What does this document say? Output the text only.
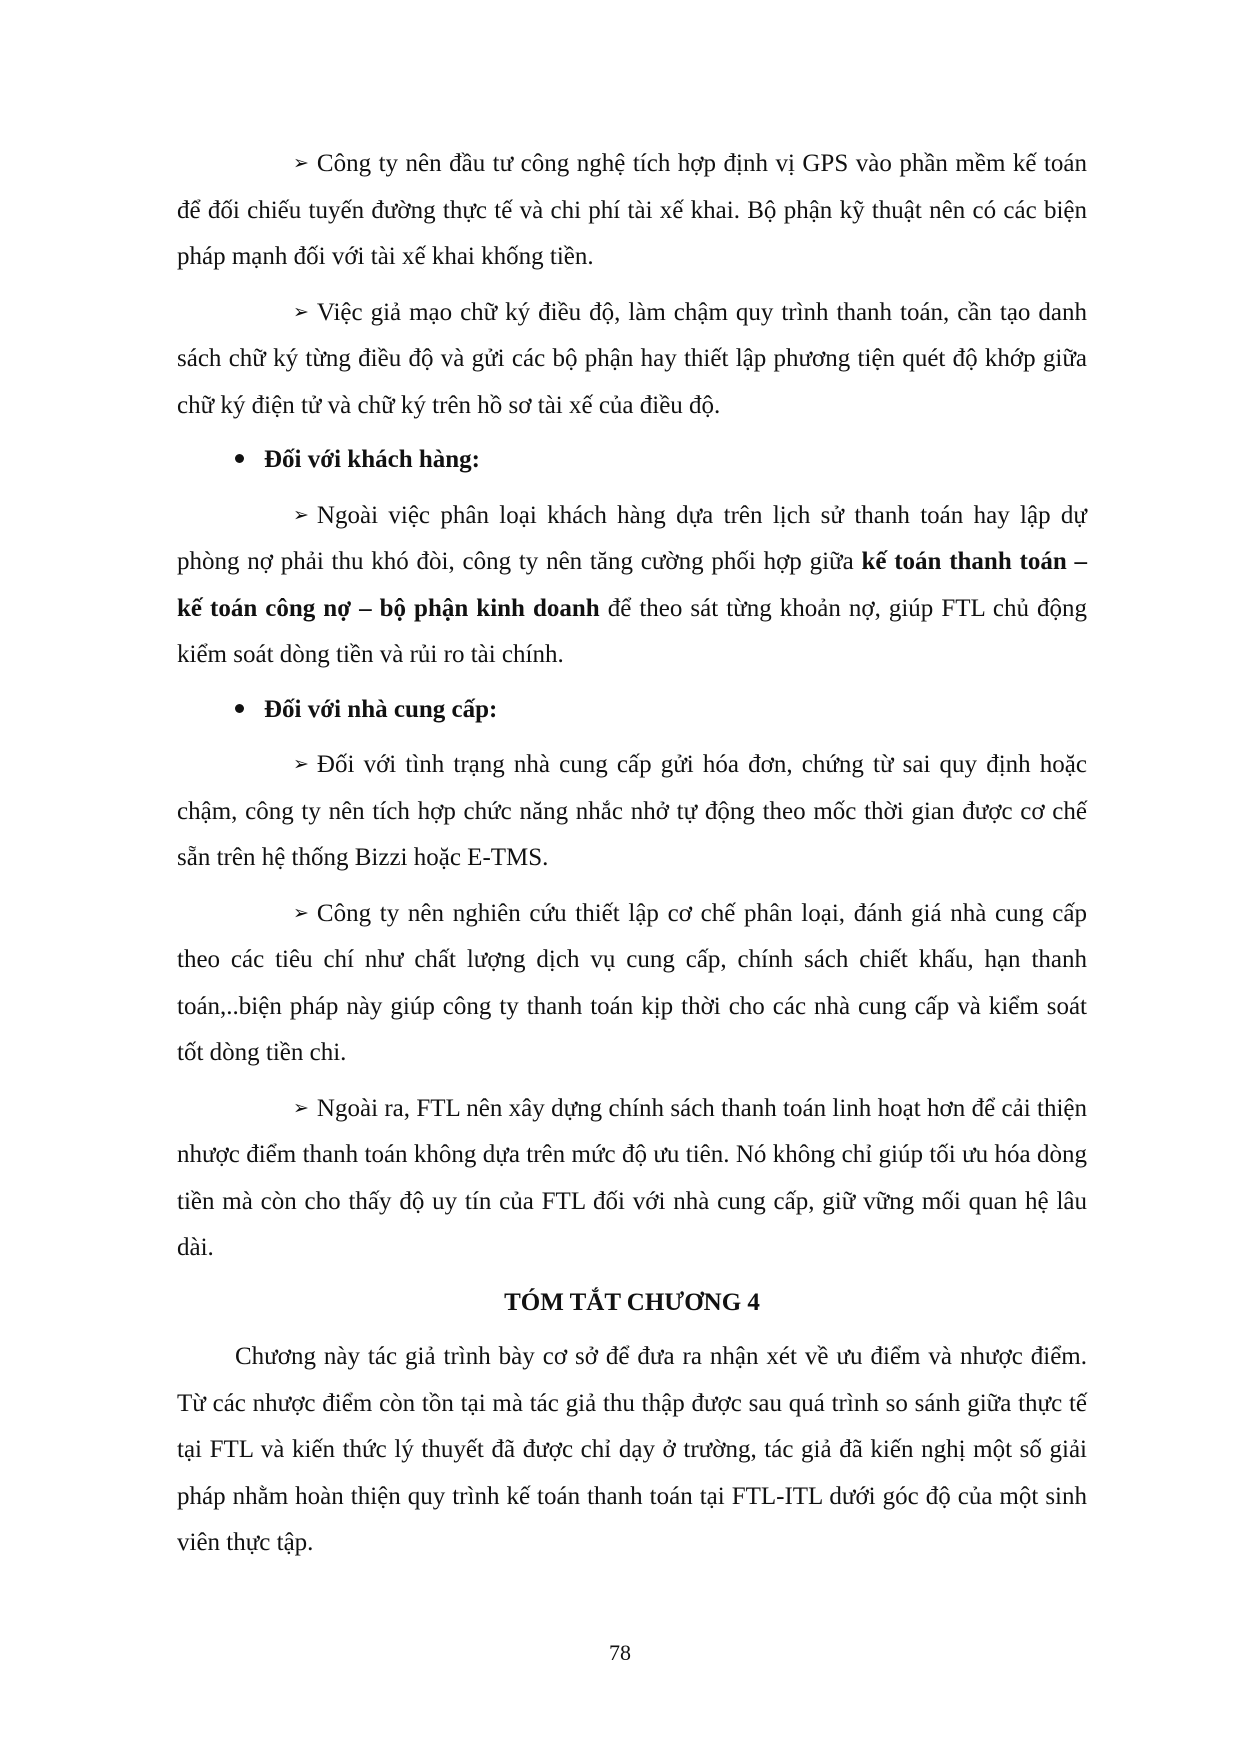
➢ Công ty nên đầu tư công nghệ tích hợp định vị GPS vào phần mềm kế toán để đối chiếu tuyến đường thực tế và chi phí tài xế khai. Bộ phận kỹ thuật nên có các biện pháp mạnh đối với tài xế khai khống tiền.

➢ Việc giả mạo chữ ký điều độ, làm chậm quy trình thanh toán, cần tạo danh sách chữ ký từng điều độ và gửi các bộ phận hay thiết lập phương tiện quét độ khớp giữa chữ ký điện tử và chữ ký trên hồ sơ tài xế của điều độ.

Đối với khách hàng:

➢ Ngoài việc phân loại khách hàng dựa trên lịch sử thanh toán hay lập dự phòng nợ phải thu khó đòi, công ty nên tăng cường phối hợp giữa kế toán thanh toán – kế toán công nợ – bộ phận kinh doanh để theo sát từng khoản nợ, giúp FTL chủ động kiểm soát dòng tiền và rủi ro tài chính.

Đối với nhà cung cấp:

➢ Đối với tình trạng nhà cung cấp gửi hóa đơn, chứng từ sai quy định hoặc chậm, công ty nên tích hợp chức năng nhắc nhở tự động theo mốc thời gian được cơ chế sẵn trên hệ thống Bizzi hoặc E-TMS.

➢ Công ty nên nghiên cứu thiết lập cơ chế phân loại, đánh giá nhà cung cấp theo các tiêu chí như chất lượng dịch vụ cung cấp, chính sách chiết khấu, hạn thanh toán,..biện pháp này giúp công ty thanh toán kịp thời cho các nhà cung cấp và kiểm soát tốt dòng tiền chi.

➢ Ngoài ra, FTL nên xây dựng chính sách thanh toán linh hoạt hơn để cải thiện nhược điểm thanh toán không dựa trên mức độ ưu tiên. Nó không chỉ giúp tối ưu hóa dòng tiền mà còn cho thấy độ uy tín của FTL đối với nhà cung cấp, giữ vững mối quan hệ lâu dài.

TÓM TẮT CHƯƠNG 4

Chương này tác giả trình bày cơ sở để đưa ra nhận xét về ưu điểm và nhược điểm. Từ các nhược điểm còn tồn tại mà tác giả thu thập được sau quá trình so sánh giữa thực tế tại FTL và kiến thức lý thuyết đã được chỉ dạy ở trường, tác giả đã kiến nghị một số giải pháp nhằm hoàn thiện quy trình kế toán thanh toán tại FTL-ITL dưới góc độ của một sinh viên thực tập.

78
